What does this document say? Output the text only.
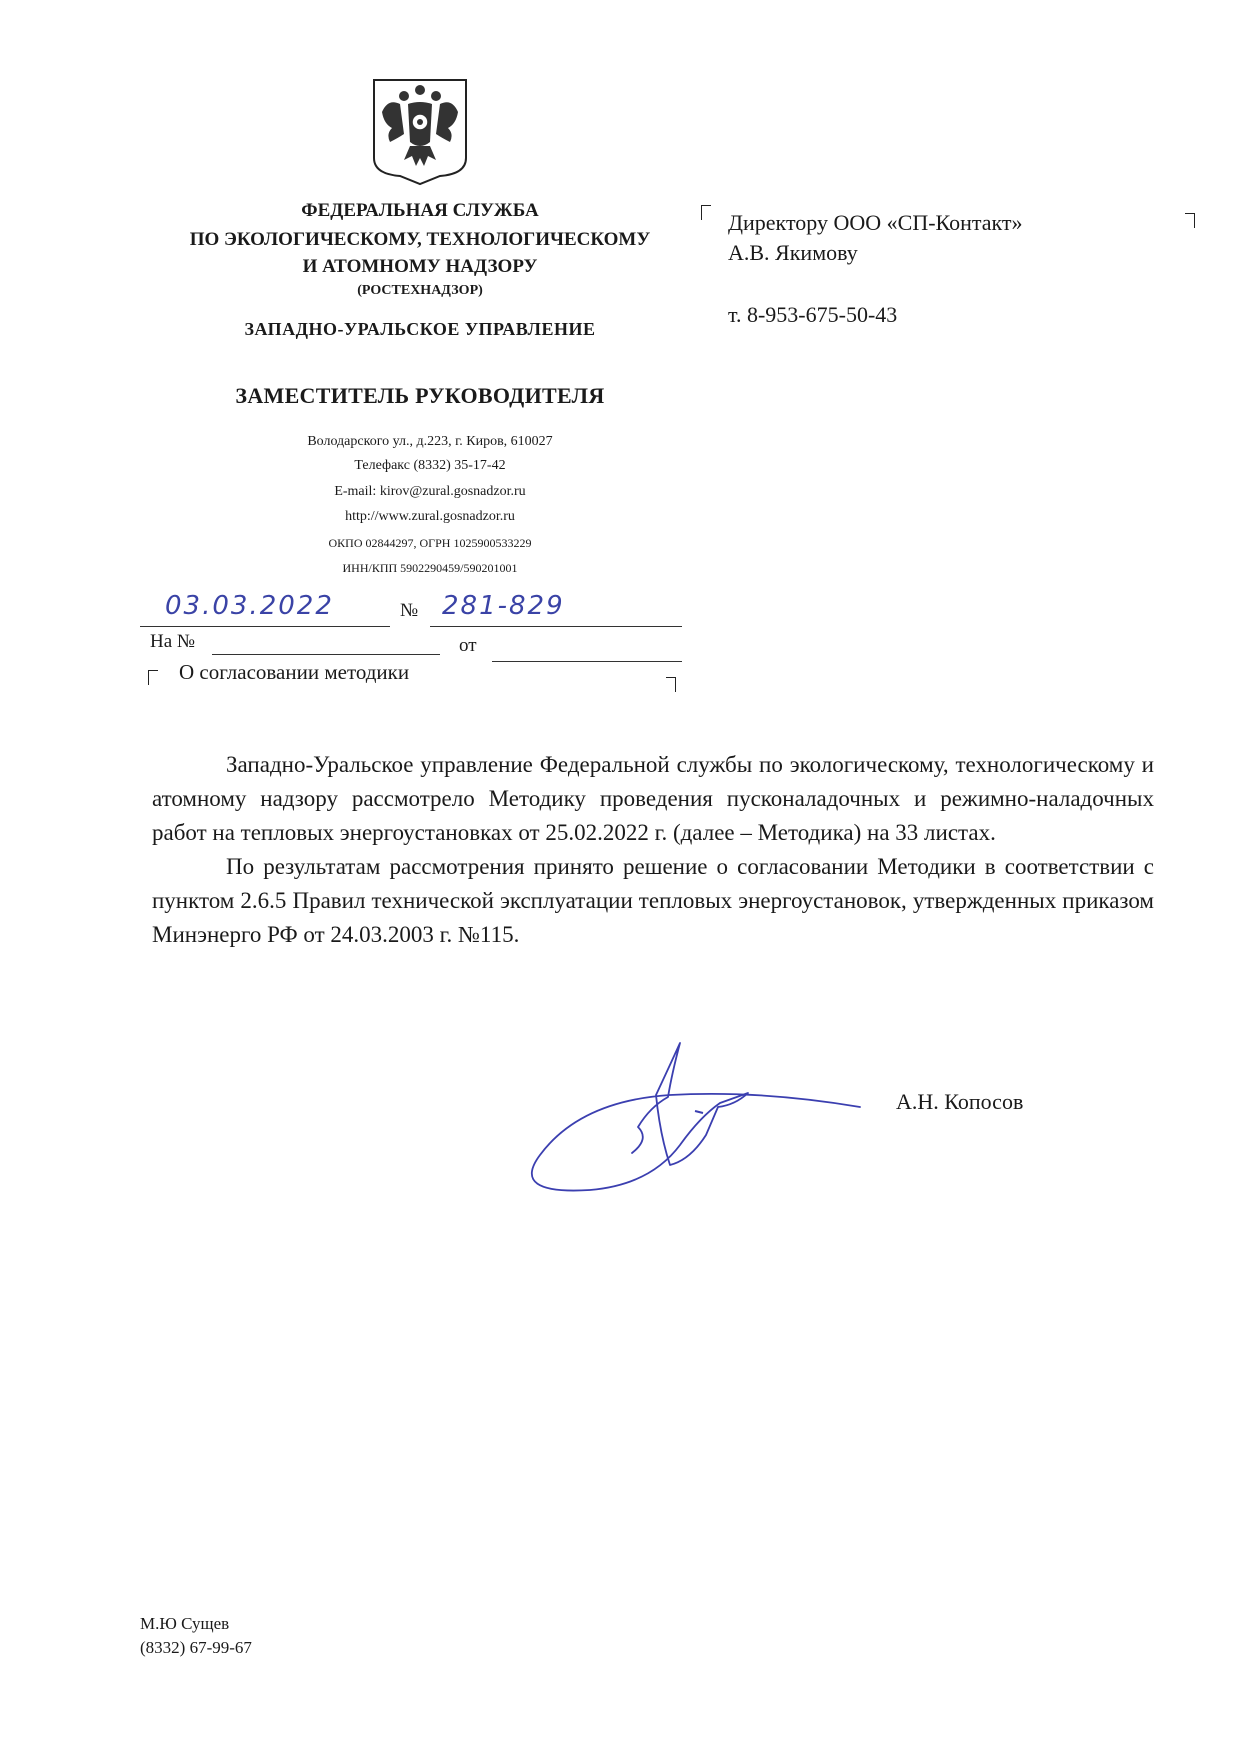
ФЕДЕРАЛЬНАЯ СЛУЖБА
ПО ЭКОЛОГИЧЕСКОМУ, ТЕХНОЛОГИЧЕСКОМУ
И АТОМНОМУ НАДЗОРУ
(РОСТЕХНАДЗОР)
ЗАПАДНО-УРАЛЬСКОЕ УПРАВЛЕНИЕ
ЗАМЕСТИТЕЛЬ РУКОВОДИТЕЛЯ
Володарского ул., д.223, г. Киров, 610027
Телефакс (8332) 35-17-42
E-mail: kirov@zural.gosnadzor.ru
http://www.zural.gosnadzor.ru
ОКПО 02844297, ОГРН 1025900533229
ИНН/КПП 5902290459/590201001
Директору ООО «СП-Контакт»
А.В. Якимову
т. 8-953-675-50-43
03.03.2022	№ 281-829
На №	от
О согласовании методики

Западно-Уральское управление Федеральной службы по экологическому, технологическому и атомному надзору рассмотрело Методику проведения пусконаладочных и режимно-наладочных работ на тепловых энергоустановках от 25.02.2022 г. (далее – Методика) на 33 листах.

По результатам рассмотрения принято решение о согласовании Методики в соответствии с пунктом 2.6.5 Правил технической эксплуатации тепловых энергоустановок, утвержденных приказом Минэнерго РФ от 24.03.2003 г. №115.

А.Н. Копосов
М.Ю Сущев
(8332) 67-99-67
